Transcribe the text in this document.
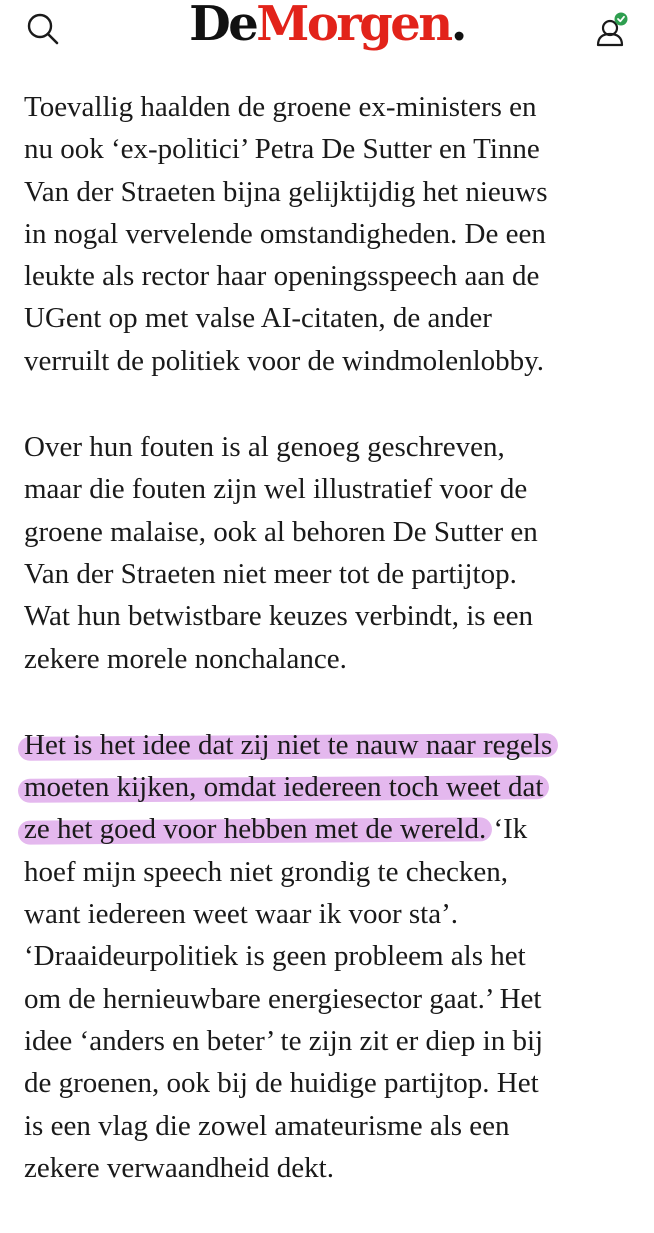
DeMorgen.

Toevallig haalden de groene ex-ministers en
nu ook ‘ex-politici’ Petra De Sutter en Tinne
Van der Straeten bijna gelijktijdig het nieuws
in nogal vervelende omstandigheden. De een
leukte als rector haar openingsspeech aan de
UGent op met valse AI-citaten, de ander
verruilt de politiek voor de windmolenlobby.

Over hun fouten is al genoeg geschreven,
maar die fouten zijn wel illustratief voor de
groene malaise, ook al behoren De Sutter en
Van der Straeten niet meer tot de partijtop.
Wat hun betwistbare keuzes verbindt, is een
zekere morele nonchalance.

Het is het idee dat zij niet te nauw naar regels
moeten kijken, omdat iedereen toch weet dat
ze het goed voor hebben met de wereld. ‘Ik
hoef mijn speech niet grondig te checken,
want iedereen weet waar ik voor sta’.
‘Draaideurpolitiek is geen probleem als het
om de hernieuwbare energiesector gaat.’ Het
idee ‘anders en beter’ te zijn zit er diep in bij
de groenen, ook bij de huidige partijtop. Het
is een vlag die zowel amateurisme als een
zekere verwaandheid dekt.
